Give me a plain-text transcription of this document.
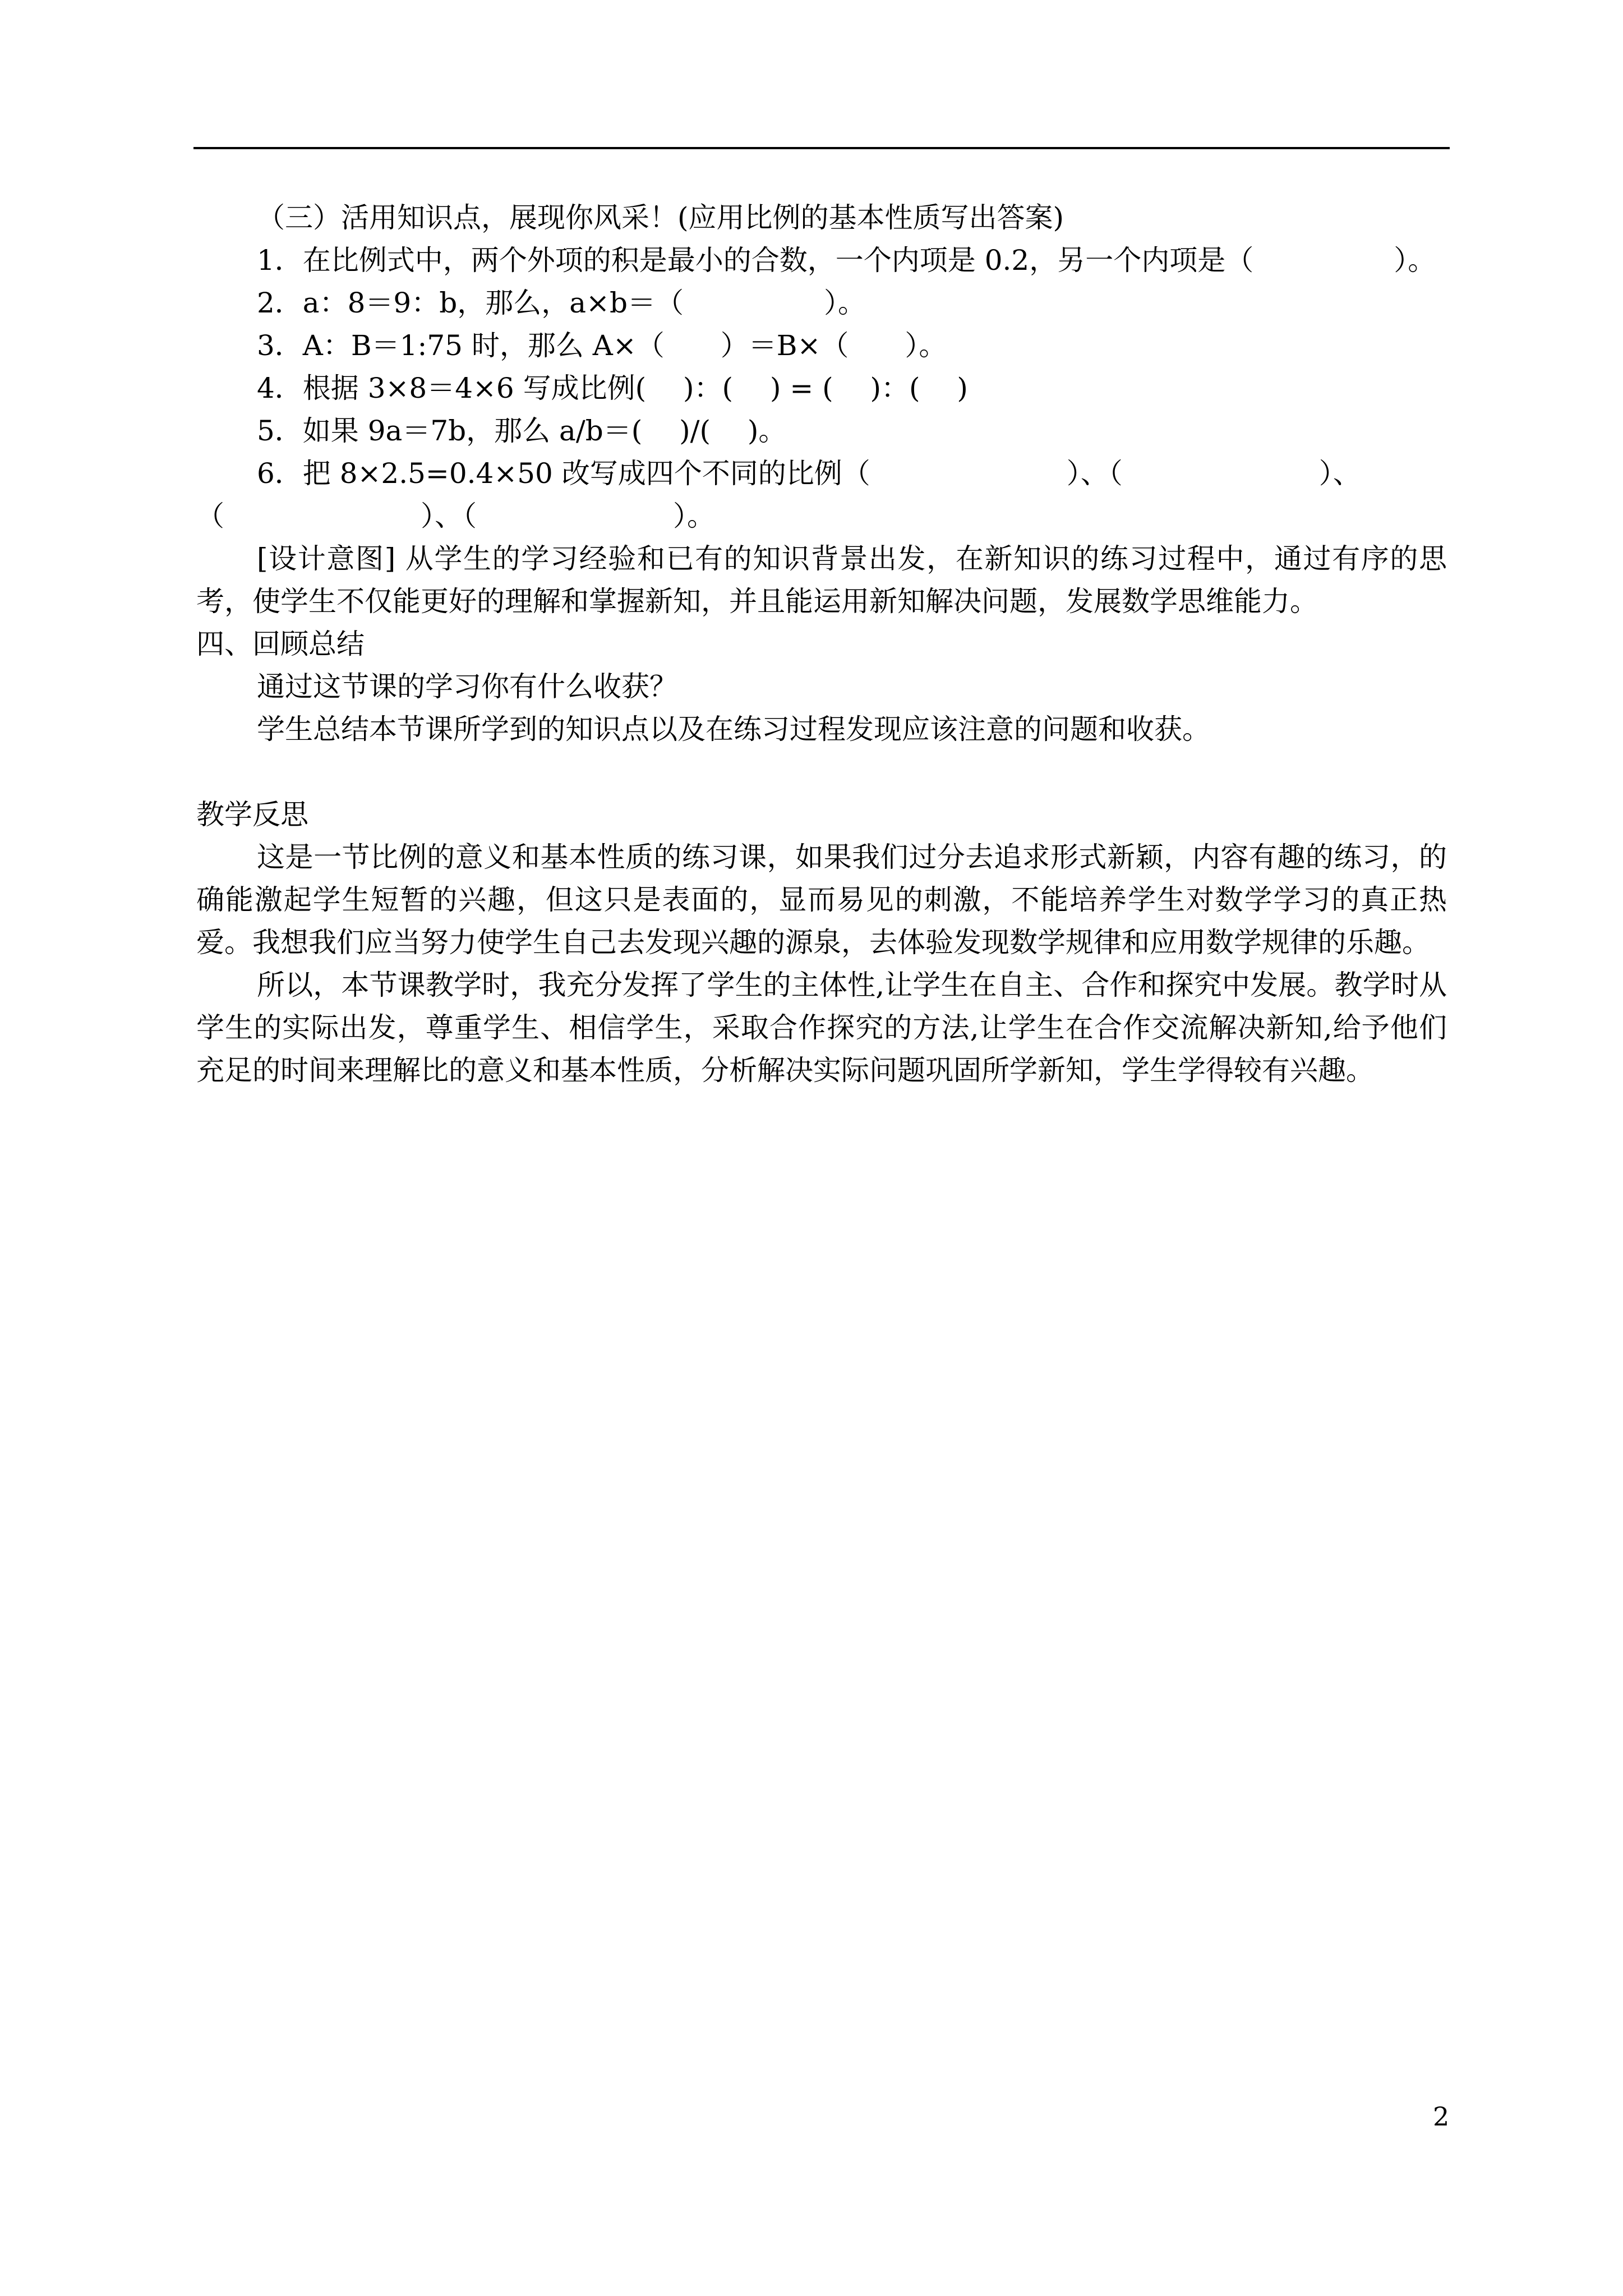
（三）活用知识点，展现你风采！(应用比例的基本性质写出答案)

1．在比例式中，两个外项的积是最小的合数，一个内项是 0.2，另一个内项是（　　　　　）。

2．a：8＝9：b，那么，a×b＝（　　　　　）。

3．A：B＝1:75 时，那么 A×（　　）＝B×（　　）。

4．根据 3×8＝4×6 写成比例(　 )：(　 ) = (　 )：(　 )

5．如果 9a＝7b，那么 a/b＝(　 )/(　 )。

6．把 8×2.5=0.4×50 改写成四个不同的比例（　　　　　　　）、（　　　　　　　）、

（　　　　　　　）、（　　　　　　　）。

[设计意图] 从学生的学习经验和已有的知识背景出发，在新知识的练习过程中，通过有序的思考，使学生不仅能更好的理解和掌握新知，并且能运用新知解决问题，发展数学思维能力。

四、回顾总结

通过这节课的学习你有什么收获？

学生总结本节课所学到的知识点以及在练习过程发现应该注意的问题和收获。

教学反思

这是一节比例的意义和基本性质的练习课，如果我们过分去追求形式新颖，内容有趣的练习，的确能激起学生短暂的兴趣，但这只是表面的，显而易见的刺激，不能培养学生对数学学习的真正热爱。我想我们应当努力使学生自己去发现兴趣的源泉，去体验发现数学规律和应用数学规律的乐趣。

所以，本节课教学时，我充分发挥了学生的主体性,让学生在自主、合作和探究中发展。教学时从学生的实际出发，尊重学生、相信学生，采取合作探究的方法,让学生在合作交流解决新知,给予他们充足的时间来理解比的意义和基本性质，分析解决实际问题巩固所学新知，学生学得较有兴趣。

2
